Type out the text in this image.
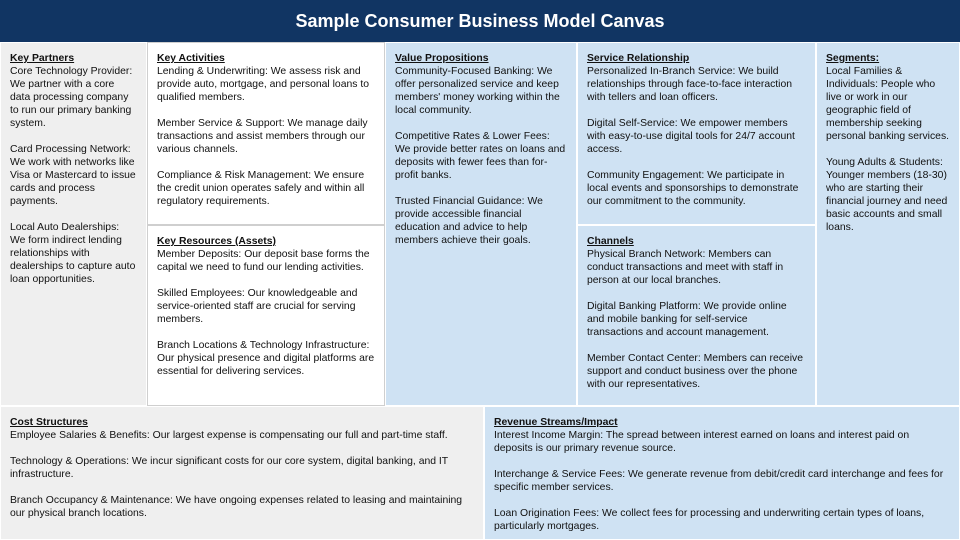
Sample Consumer Business Model Canvas
Key Partners
Core Technology Provider: We partner with a core data processing company to run our primary banking system.
Card Processing Network: We work with networks like Visa or Mastercard to issue cards and process payments.
Local Auto Dealerships: We form indirect lending relationships with dealerships to capture auto loan opportunities.
Key Activities
Lending & Underwriting: We assess risk and provide auto, mortgage, and personal loans to qualified members.
Member Service & Support: We manage daily transactions and assist members through our various channels.
Compliance & Risk Management: We ensure the credit union operates safely and within all regulatory requirements.
Key Resources (Assets)
Member Deposits: Our deposit base forms the capital we need to fund our lending activities.
Skilled Employees: Our knowledgeable and service-oriented staff are crucial for serving members.
Branch Locations & Technology Infrastructure: Our physical presence and digital platforms are essential for delivering services.
Value Propositions
Community-Focused Banking: We offer personalized service and keep members' money working within the local community.
Competitive Rates & Lower Fees: We provide better rates on loans and deposits with fewer fees than for-profit banks.
Trusted Financial Guidance: We provide accessible financial education and advice to help members achieve their goals.
Service Relationship
Personalized In-Branch Service: We build relationships through face-to-face interaction with tellers and loan officers.
Digital Self-Service: We empower members with easy-to-use digital tools for 24/7 account access.
Community Engagement: We participate in local events and sponsorships to demonstrate our commitment to the community.
Channels
Physical Branch Network: Members can conduct transactions and meet with staff in person at our local branches.
Digital Banking Platform: We provide online and mobile banking for self-service transactions and account management.
Member Contact Center: Members can receive support and conduct business over the phone with our representatives.
Segments:
Local Families & Individuals: People who live or work in our geographic field of membership seeking personal banking services.
Young Adults & Students: Younger members (18-30) who are starting their financial journey and need basic accounts and small loans.
Cost Structures
Employee Salaries & Benefits: Our largest expense is compensating our full and part-time staff.
Technology & Operations: We incur significant costs for our core system, digital banking, and IT infrastructure.
Branch Occupancy & Maintenance: We have ongoing expenses related to leasing and maintaining our physical branch locations.
Revenue Streams/Impact
Interest Income Margin: The spread between interest earned on loans and interest paid on deposits is our primary revenue source.
Interchange & Service Fees: We generate revenue from debit/credit card interchange and fees for specific member services.
Loan Origination Fees: We collect fees for processing and underwriting certain types of loans, particularly mortgages.
